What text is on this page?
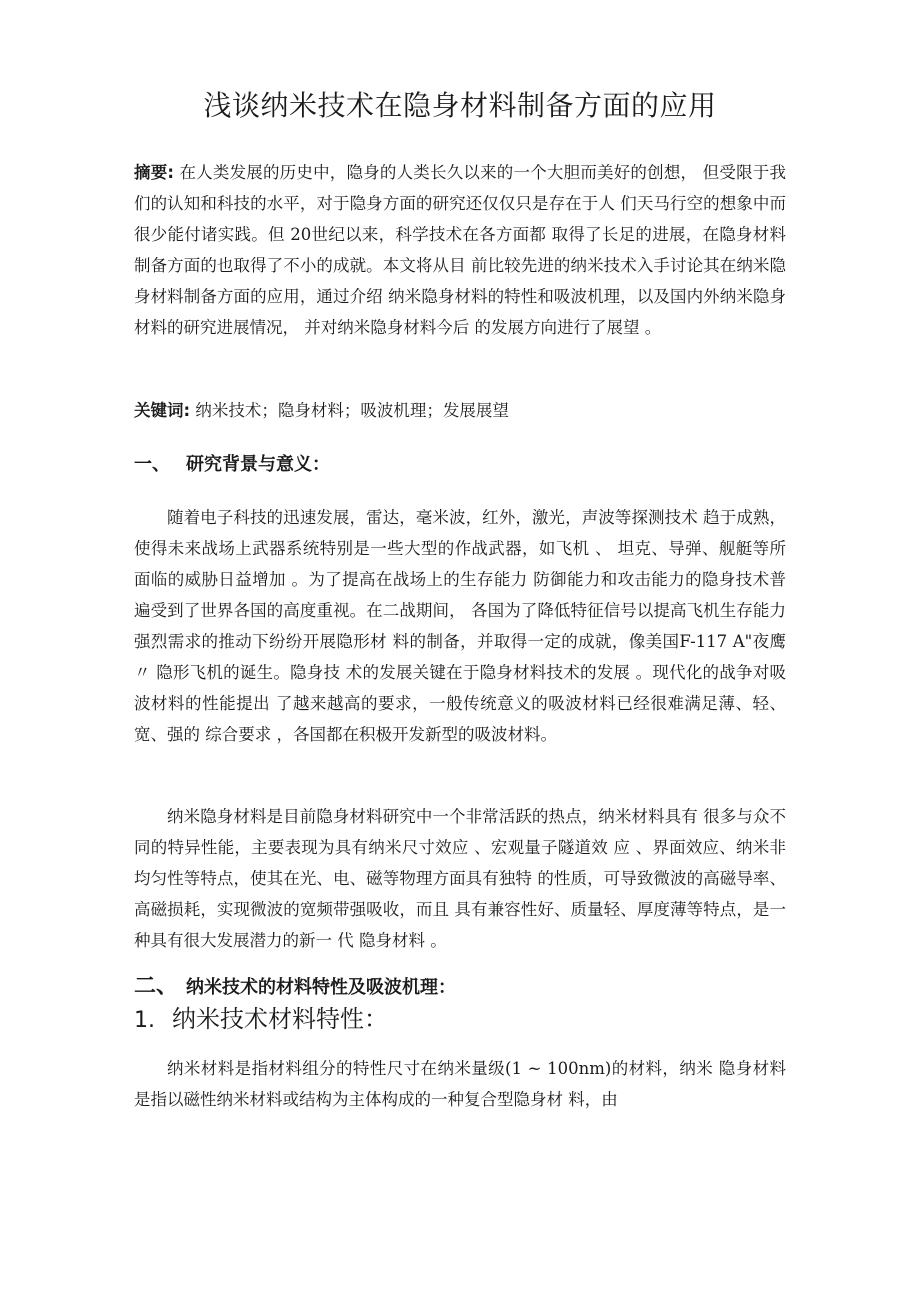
浅谈纳米技术在隐身材料制备方面的应用
摘要: 在人类发展的历史中，隐身的人类长久以来的一个大胆而美好的创想， 但受限于我们的认知和科技的水平，对于隐身方面的研究还仅仅只是存在于人 们天马行空的想象中而很少能付诸实践。但 20世纪以来，科学技术在各方面都 取得了长足的进展，在隐身材料制备方面的也取得了不小的成就。本文将从目 前比较先进的纳米技术入手讨论其在纳米隐身材料制备方面的应用，通过介绍 纳米隐身材料的特性和吸波机理，以及国内外纳米隐身材料的研究进展情况， 并对纳米隐身材料今后 的发展方向进行了展望 。
关键词: 纳米技术；隐身材料；吸波机理；发展展望
一、 研究背景与意义：
随着电子科技的迅速发展，雷达，毫米波，红外，激光，声波等探测技术 趋于成熟，使得未来战场上武器系统特别是一些大型的作战武器，如飞机 、 坦克、导弹、舰艇等所面临的威胁日益增加 。为了提高在战场上的生存能力 防御能力和攻击能力的隐身技术普遍受到了世界各国的高度重视。在二战期间， 各国为了降低特征信号以提高飞机生存能力强烈需求的推动下纷纷开展隐形材 料的制备，并取得一定的成就，像美国F-117 A"夜鹰 〃 隐形飞机的诞生。隐身技 术的发展关键在于隐身材料技术的发展 。现代化的战争对吸波材料的性能提出 了越来越高的要求，一般传统意义的吸波材料已经很难满足薄、轻、宽、强的 综合要求 ，各国都在积极开发新型的吸波材料。
纳米隐身材料是目前隐身材料研究中一个非常活跃的热点，纳米材料具有 很多与众不同的特异性能，主要表现为具有纳米尺寸效应 、宏观量子隧道效 应 、界面效应、纳米非均匀性等特点，使其在光、电、磁等物理方面具有独特 的性质，可导致微波的高磁导率、高磁损耗，实现微波的宽频带强吸收，而且 具有兼容性好、质量轻、厚度薄等特点，是一种具有很大发展潜力的新一 代 隐身材料 。
二、 纳米技术的材料特性及吸波机理：
1. 纳米技术材料特性：
纳米材料是指材料组分的特性尺寸在纳米量级(1 ~ 100nm)的材料，纳米 隐身材料是指以磁性纳米材料或结构为主体构成的一种复合型隐身材 料，由
